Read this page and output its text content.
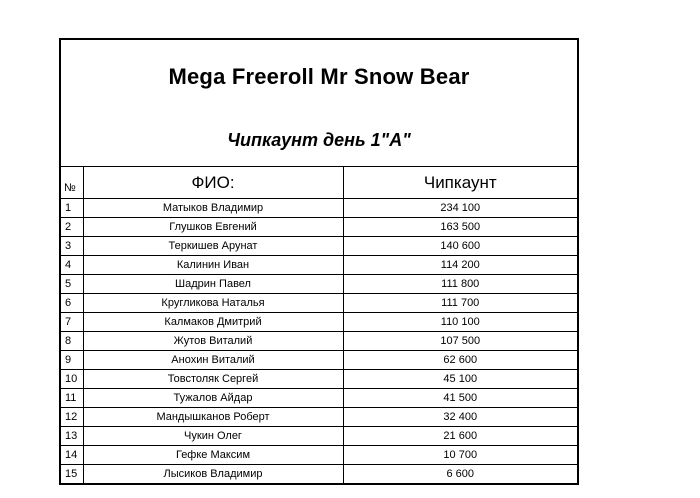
Mega Freeroll Mr Snow Bear
Чипкаунт день 1"А"
№	ФИО:	Чипкаунт
1	Матыков Владимир	234 100
2	Глушков Евгений	163 500
3	Теркишев Арунат	140 600
4	Калинин Иван	114 200
5	Шадрин Павел	111 800
6	Кругликова Наталья	111 700
7	Калмаков Дмитрий	110 100
8	Жутов Виталий	107 500
9	Анохин Виталий	62 600
10	Товстоляк Сергей	45 100
11	Тужалов Айдар	41 500
12	Мандышканов Роберт	32 400
13	Чукин Олег	21 600
14	Гефке Максим	10 700
15	Лысиков Владимир	6 600
